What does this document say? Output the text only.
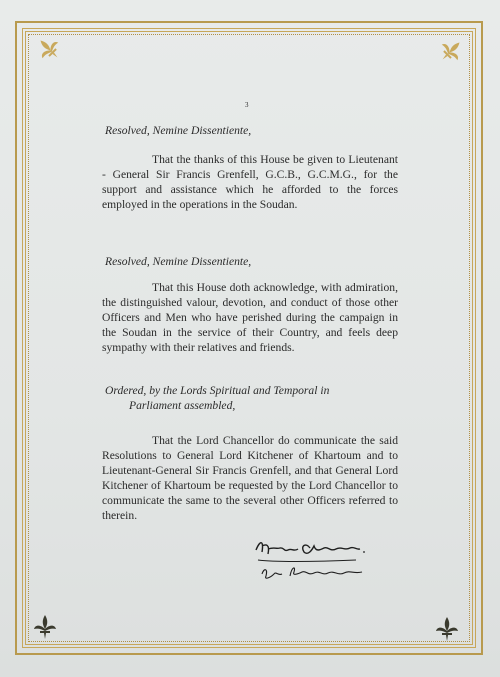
3
Resolved, Nemine Dissentiente,
That the thanks of this House be given to Lieutenant - General Sir Francis Grenfell, G.C.B., G.C.M.G., for the support and assistance which he afforded to the forces employed in the operations in the Soudan.
Resolved, Nemine Dissentiente,
That this House doth acknowledge, with admiration, the distinguished valour, devotion, and conduct of those other Officers and Men who have perished during the campaign in the Soudan in the service of their Country, and feels deep sympathy with their relatives and friends.
Ordered, by the Lords Spiritual and Temporal in
Parliament assembled,
That the Lord Chancellor do communicate the said Resolutions to General Lord Kitchener of Khartoum and to Lieutenant-General Sir Francis Grenfell, and that General Lord Kitchener of Khartoum be requested by the Lord Chancellor to communicate the same to the several other Officers referred to therein.
